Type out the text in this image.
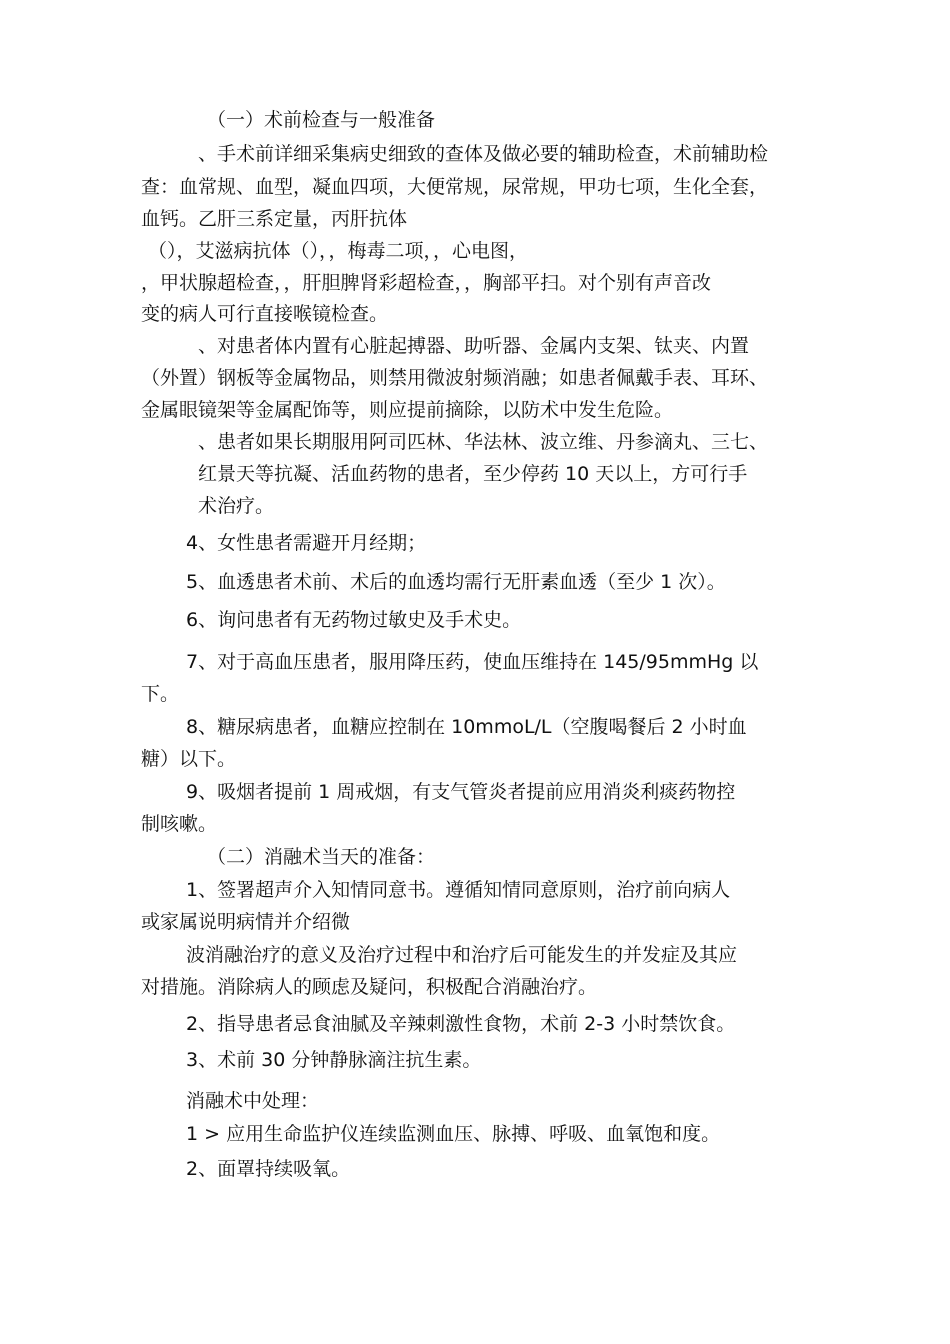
（一）术前检查与一般准备
、手术前详细采集病史细致的查体及做必要的辅助检查，术前辅助检
查：血常规、血型，凝血四项，大便常规，尿常规，甲功七项，生化全套，
血钙。乙肝三系定量，丙肝抗体
（），艾滋病抗体（），，梅毒二项，，心电图，
，甲状腺超检查，，肝胆脾肾彩超检查，，胸部平扫。对个别有声音改
变的病人可行直接喉镜检查。
、对患者体内置有心脏起搏器、助听器、金属内支架、钛夹、内置
（外置）钢板等金属物品，则禁用微波射频消融；如患者佩戴手表、耳环、
金属眼镜架等金属配饰等，则应提前摘除，以防术中发生危险。
、患者如果长期服用阿司匹林、华法林、波立维、丹参滴丸、三七、
红景天等抗凝、活血药物的患者，至少停药 10 天以上，方可行手
术治疗。
4、女性患者需避开月经期；
5、血透患者术前、术后的血透均需行无肝素血透（至少 1 次）。
6、询问患者有无药物过敏史及手术史。
7、对于高血压患者，服用降压药，使血压维持在 145/95mmHg 以
下。
8、糖尿病患者，血糖应控制在 10mmoL/L（空腹喝餐后 2 小时血
糖）以下。
9、吸烟者提前 1 周戒烟，有支气管炎者提前应用消炎利痰药物控
制咳嗽。
（二）消融术当天的准备：
1、签署超声介入知情同意书。遵循知情同意原则，治疗前向病人
或家属说明病情并介绍微
波消融治疗的意义及治疗过程中和治疗后可能发生的并发症及其应
对措施。消除病人的顾虑及疑问，积极配合消融治疗。
2、指导患者忌食油腻及辛辣刺激性食物，术前 2-3 小时禁饮食。
3、术前 30 分钟静脉滴注抗生素。
消融术中处理：
1 > 应用生命监护仪连续监测血压、脉搏、呼吸、血氧饱和度。
2、面罩持续吸氧。
